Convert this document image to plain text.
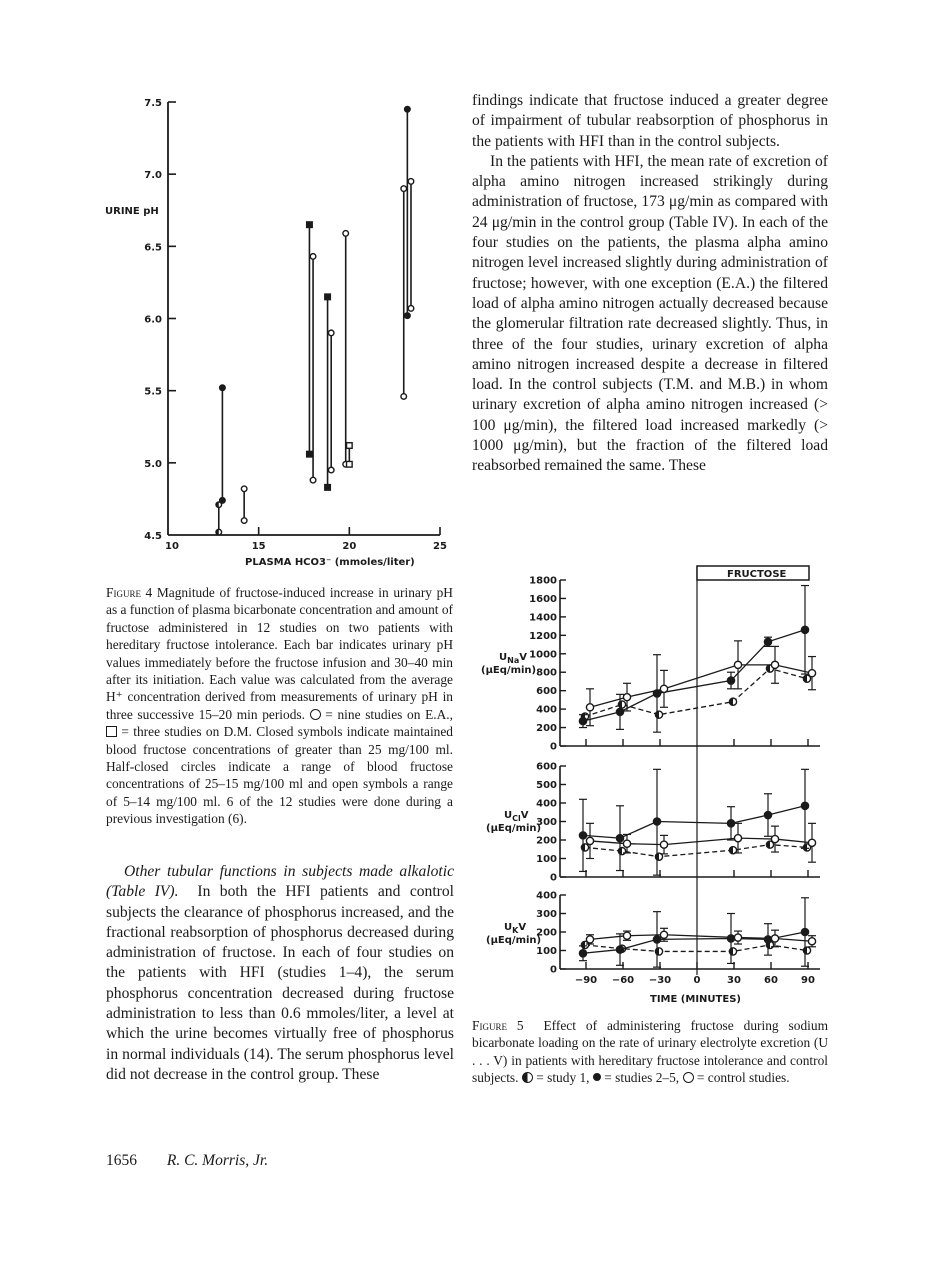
4.5
5.0
5.5
6.0
6.5
7.0
7.5
10	15	20	25
URINE pH
PLASMA HCO3⁻ (mmoles/liter)
0
200
400
600
800
1000
1200
1400
1600
1800
$U_{Na}V$
(μEq/min)
0
100
200
300
400
500
600
$U_{Cl}V$
(μEq/min)
0
100
200
300
400
$U_KV$
(μEq/min)
−90 −60 −30 0	30 60 90
FRUCTOSE
TIME (MINUTES)
Figure 4 Magnitude of fructose-induced increase in urinary pH as a function of plasma bicarbonate concentration and amount of fructose administered in 12 studies on two patients with hereditary fructose intolerance. Each bar indicates urinary pH values immediately before the fructose infusion and 30–40 min after its initiation. Each value was calculated from the average H⁺ concentration derived from measurements of urinary pH in three successive 15–20 min periods. = nine studies on E.A.,  = three studies on D.M. Closed symbols indicate maintained blood fructose concentrations of greater than 25 mg/100 ml. Half-closed circles indicate a range of blood fructose concentrations of 25–15 mg/100 ml and open symbols a range of 5–14 mg/100 ml. 6 of the 12 studies were done during a previous investigation (6).

Other tubular functions in subjects made alkalotic (Table IV). In both the HFI patients and control subjects the clearance of phosphorus increased, and the fractional reabsorption of phosphorus decreased during administration of fructose. In each of four studies on the patients with HFI (studies 1–4), the serum phosphorus concentration decreased during fructose administration to less than 0.6 mmoles/liter, a level at which the urine becomes virtually free of phosphorus in normal individuals (14). The serum phosphorus level did not decrease in the control group. These

findings indicate that fructose induced a greater degree of impairment of tubular reabsorption of phosphorus in the patients with HFI than in the control subjects.

In the patients with HFI, the mean rate of excretion of alpha amino nitrogen increased strikingly during administration of fructose, 173 μg/min as compared with 24 μg/min in the control group (Table IV). In each of the four studies on the patients, the plasma alpha amino nitrogen level increased slightly during administration of fructose; however, with one exception (E.A.) the filtered load of alpha amino nitrogen actually decreased because the glomerular filtration rate decreased slightly. Thus, in three of the four studies, urinary excretion of alpha amino nitrogen increased despite a decrease in filtered load. In the control subjects (T.M. and M.B.) in whom urinary excretion of alpha amino nitrogen increased (> 100 μg/min), the filtered load increased markedly (> 1000 μg/min), but the fraction of the filtered load reabsorbed remained the same. These

Figure 5 Effect of administering fructose during sodium bicarbonate loading on the rate of urinary electrolyte excretion (U . . . V) in patients with hereditary fructose intolerance and control subjects. = study 1, = studies 2–5, = control studies.
1656 R. C. Morris, Jr.
